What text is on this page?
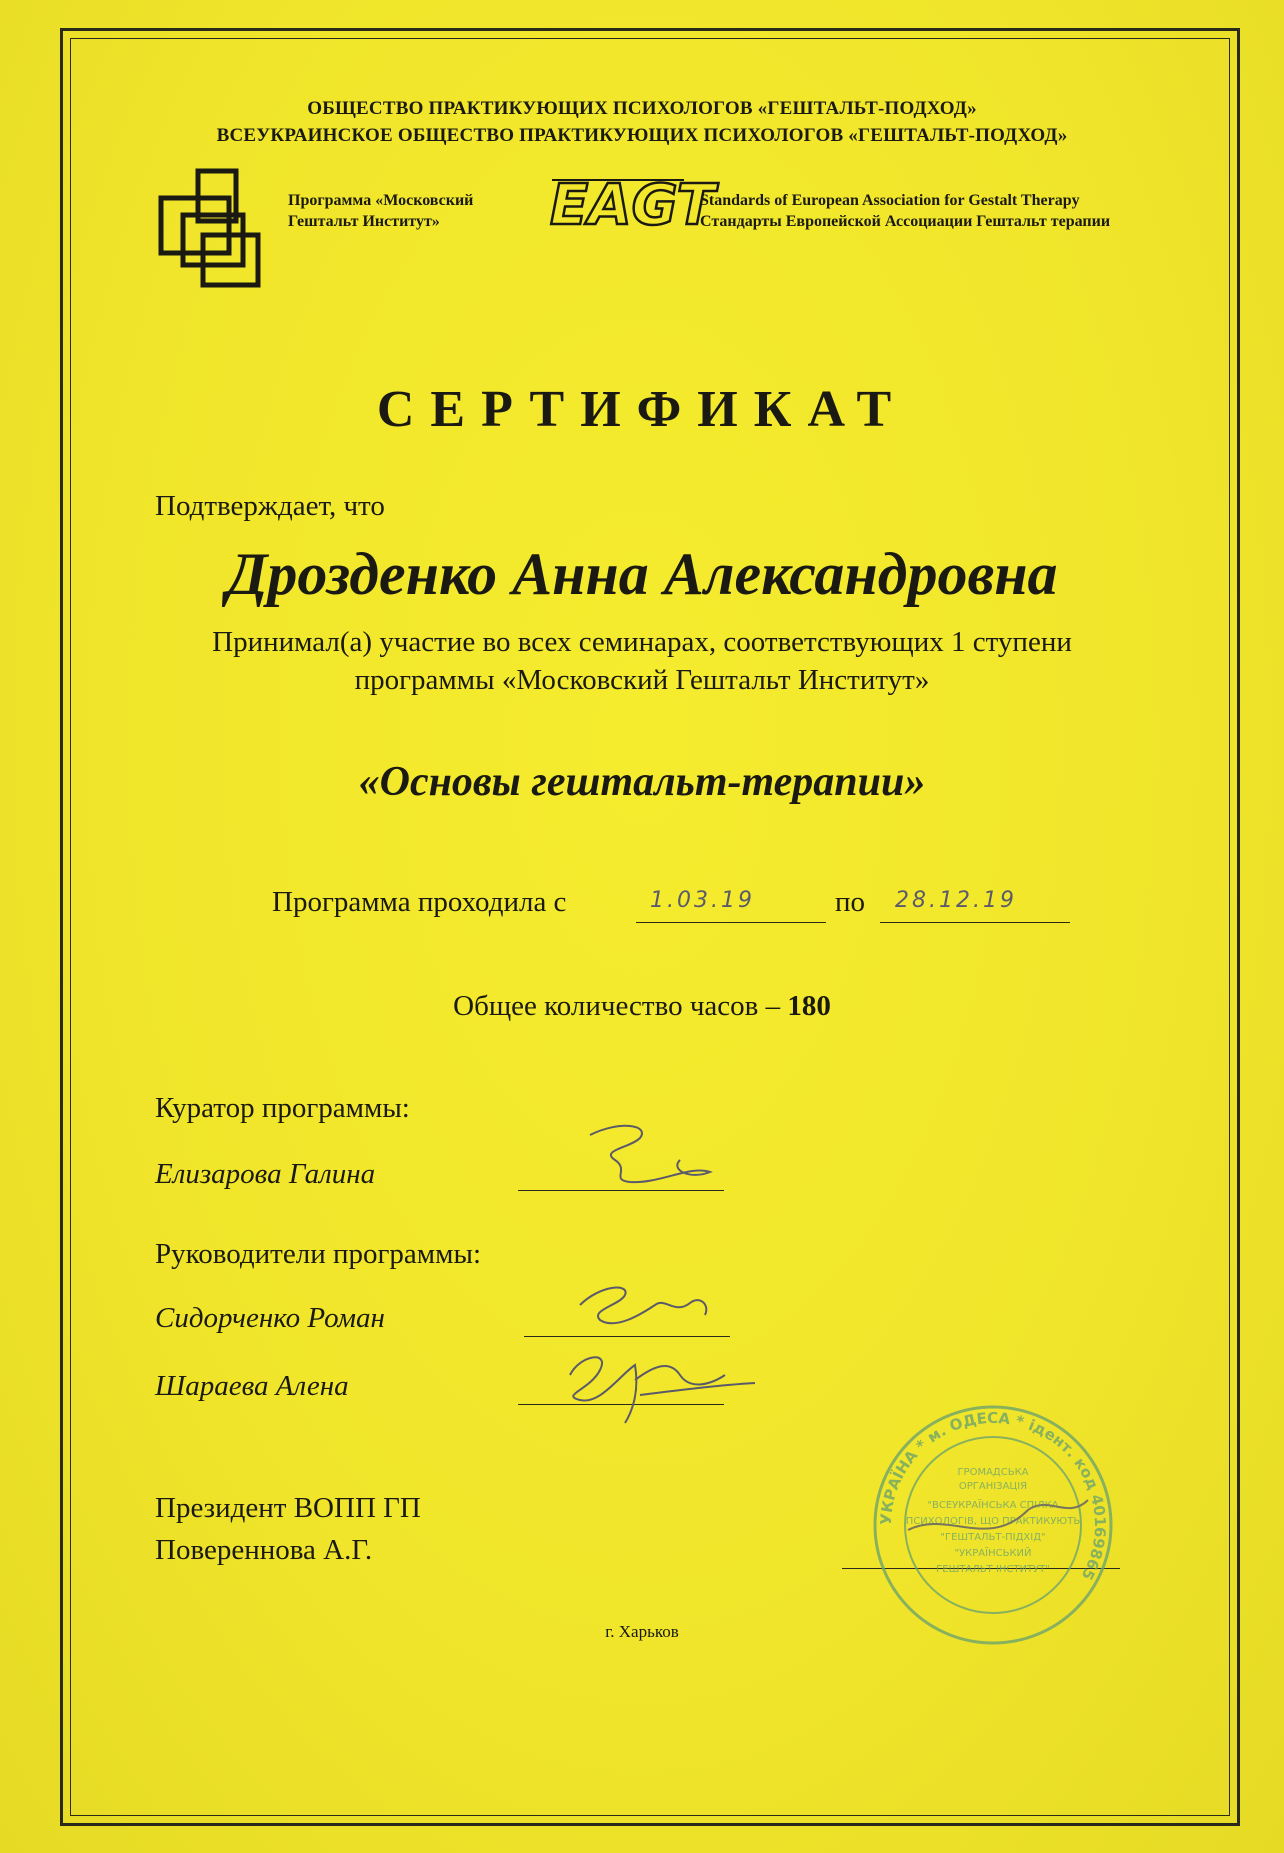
ОБЩЕСТВО ПРАКТИКУЮЩИХ ПСИХОЛОГОВ «ГЕШТАЛЬТ-ПОДХОД»
ВСЕУКРАИНСКОЕ ОБЩЕСТВО ПРАКТИКУЮЩИХ ПСИХОЛОГОВ «ГЕШТАЛЬТ-ПОДХОД»
Программа «Московский
Гештальт Институт»	EAGT
Standards of European Association for Gestalt Therapy
Стандарты Европейской Ассоциации Гештальт терапии
СЕРТИФИКАТ
Подтверждает, что
Дрозденко Анна Александровна
Принимал(а) участие во всех семинарах, соответствующих 1 ступени
программы «Московский Гештальт Институт»
«Основы гештальт-терапии»
Программа проходила с	1.03.19	по 28.12.19
Общее количество часов – 180
Куратор программы:
Елизарова Галина
Руководители программы:
Сидорченко Роман
Шараева Алена
Президент ВОПП ГП
Повереннова А.Г.
УКРАЇНА * м. ОДЕСА * ідент. код 40169865
ГРОМАДСЬКА
ОРГАНІЗАЦІЯ
"ВСЕУКРАЇНСЬКА СПІЛКА
ПСИХОЛОГІВ, ЩО ПРАКТИКУЮТЬ
"ГЕШТАЛЬТ-ПІДХІД"
"УКРАЇНСЬКИЙ
ГЕШТАЛЬТ ІНСТИТУТ"
г. Харьков
